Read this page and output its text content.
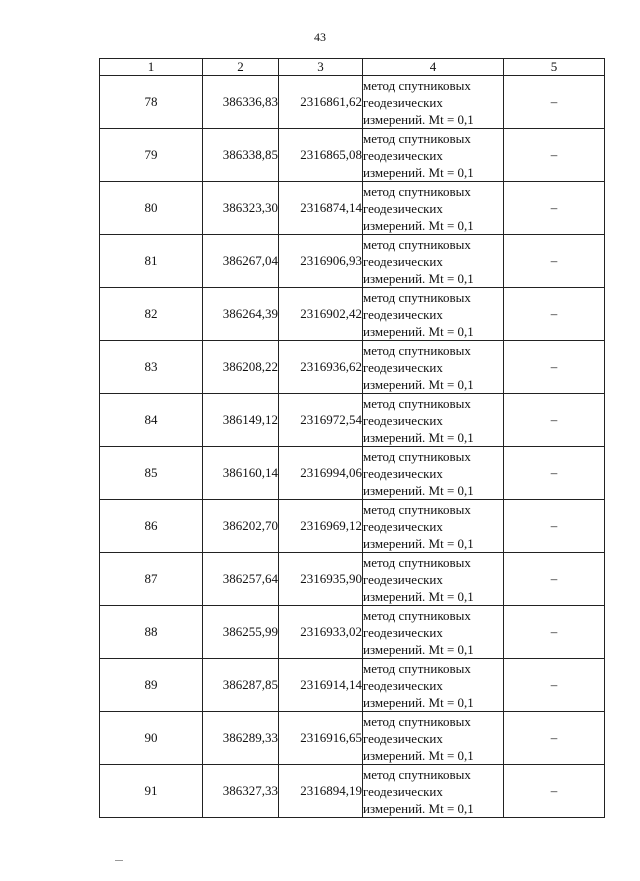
43
1	2	3	4	5
78	386336,83	2316861,62	метод спутниковых
геодезических
измерений. Mt = 0,1	–
79	386338,85	2316865,08	метод спутниковых
геодезических
измерений. Mt = 0,1	–
80	386323,30	2316874,14	метод спутниковых
геодезических
измерений. Mt = 0,1	–
81	386267,04	2316906,93	метод спутниковых
геодезических
измерений. Mt = 0,1	–
82	386264,39	2316902,42	метод спутниковых
геодезических
измерений. Mt = 0,1	–
83	386208,22	2316936,62	метод спутниковых
геодезических
измерений. Mt = 0,1	–
84	386149,12	2316972,54	метод спутниковых
геодезических
измерений. Mt = 0,1	–
85	386160,14	2316994,06	метод спутниковых
геодезических
измерений. Mt = 0,1	–
86	386202,70	2316969,12	метод спутниковых
геодезических
измерений. Mt = 0,1	–
87	386257,64	2316935,90	метод спутниковых
геодезических
измерений. Mt = 0,1	–
88	386255,99	2316933,02	метод спутниковых
геодезических
измерений. Mt = 0,1	–
89	386287,85	2316914,14	метод спутниковых
геодезических
измерений. Mt = 0,1	–
90	386289,33	2316916,65	метод спутниковых
геодезических
измерений. Mt = 0,1	–
91	386327,33	2316894,19	метод спутниковых
геодезических
измерений. Mt = 0,1	–
